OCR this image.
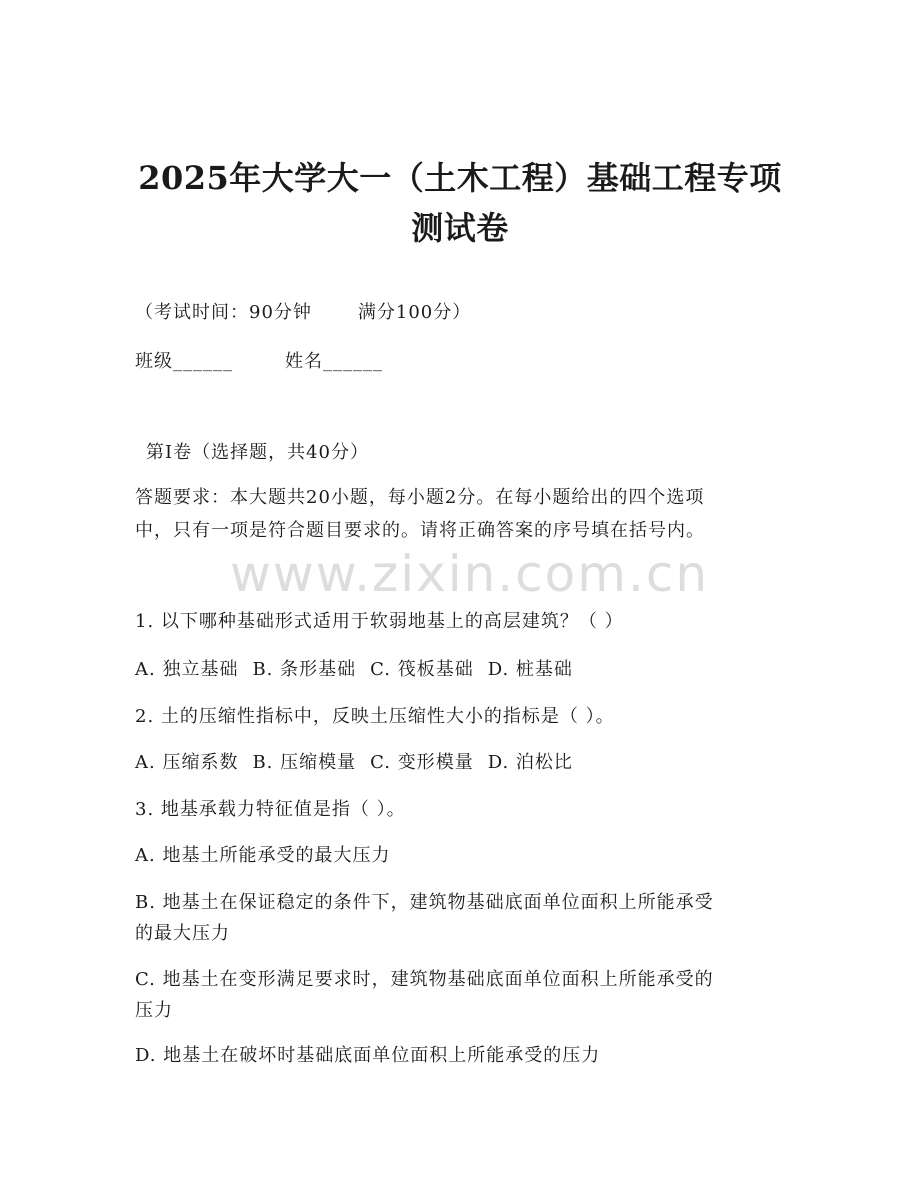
2025年大学大一（土木工程）基础工程专项
测试卷
（考试时间：90分钟	满分100分）
班级______	姓名______
第Ⅰ卷（选择题，共40分）
答题要求：本大题共20小题，每小题2分。在每小题给出的四个选项
中，只有一项是符合题目要求的。请将正确答案的序号填在括号内。
www.zixin.com.cn
1. 以下哪种基础形式适用于软弱地基上的高层建筑？（ ）
A. 独立基础 B. 条形基础 C. 筏板基础 D. 桩基础
2. 土的压缩性指标中，反映土压缩性大小的指标是（ ）。
A. 压缩系数 B. 压缩模量 C. 变形模量 D. 泊松比
3. 地基承载力特征值是指（ ）。
A. 地基土所能承受的最大压力
B. 地基土在保证稳定的条件下，建筑物基础底面单位面积上所能承受
的最大压力
C. 地基土在变形满足要求时，建筑物基础底面单位面积上所能承受的
压力
D. 地基土在破坏时基础底面单位面积上所能承受的压力
